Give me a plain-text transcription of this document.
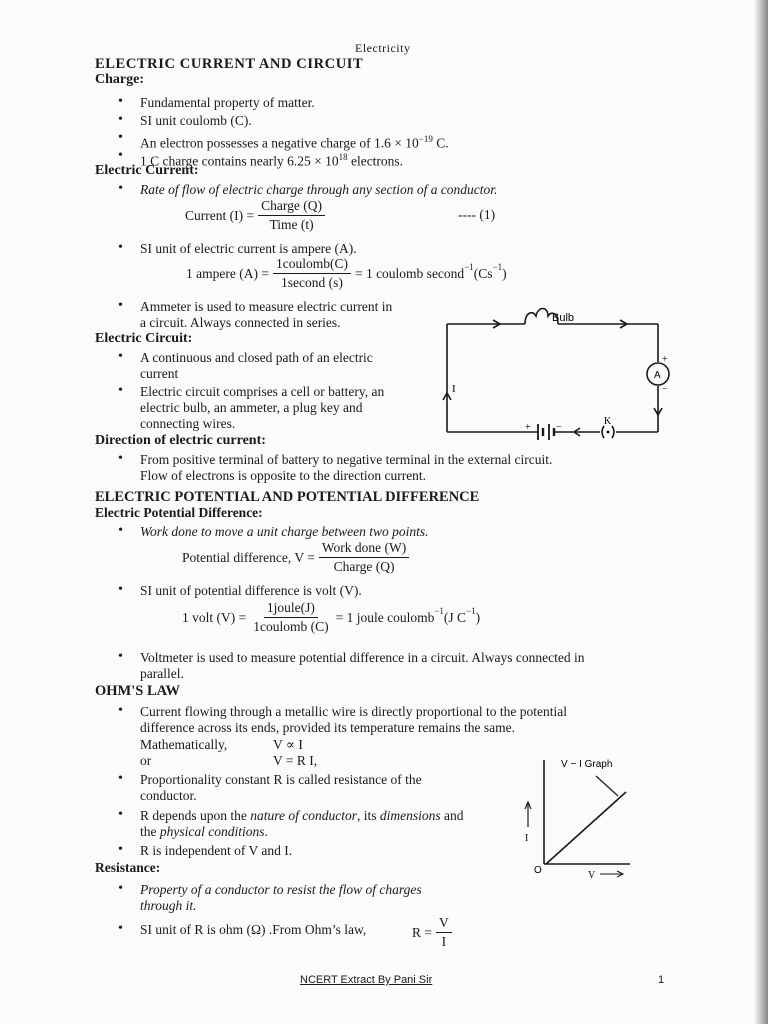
Electricity
ELECTRIC CURRENT AND CIRCUIT
Charge:
• Fundamental property of matter.
• SI unit coulomb (C).
• An electron possesses a negative charge of $1.6 \times 10^{-19}$ C.
• 1 C charge contains nearly $6.25 \times 10^{18}$ electrons.
Electric Current:
• Rate of flow of electric charge through any section of a conductor.
Current $(I) = \frac{\text{Charge (Q)}}{\text{Time (t)}}$	---- (1)
• SI unit of electric current is ampere (A).
1 ampere $(A) = \frac{\text{1coulomb(C)}}{\text{1second (s)}} = 1$ coulomb second$^{-1}$ ($Cs^{-1}$ )
• Ammeter is used to measure electric current in
a circuit. Always connected in series.
Electric Circuit:
• A continuous and closed path of an electric
current
• Electric circuit comprises a cell or battery, an
electric bulb, an ammeter, a plug key and
connecting wires.
Direction of electric current:
• From positive terminal of battery to negative terminal in the external circuit.
Flow of electrons is opposite to the direction current.
Bulb
A
+
−
I
+	−
K
ELECTRIC POTENTIAL AND POTENTIAL DIFFERENCE
Electric Potential Difference:
• Work done to move a unit charge between two points.
Potential difference, $V = \frac{\text{Work done (W)}}{\text{Charge (Q)}}$
• SI unit of potential difference is volt (V).
1 volt $(V) = \frac{\text{1joule(J)}}{\text{1coulomb (C)}} = 1$ joule coulomb$^{-1}$ (J $C^{-1}$ )
• Voltmeter is used to measure potential difference in a circuit. Always connected in
parallel.
OHM'S LAW
• Current flowing through a metallic wire is directly proportional to the potential
difference across its ends, provided its temperature remains the same.
Mathematically,	V ∝ I
or	V = R I,
• Proportionality constant R is called resistance of the
conductor.
• R depends upon the nature of conductor, its dimensions and
the physical conditions.
• R is independent of V and I.
Resistance:
• Property of a conductor to resist the flow of charges
through it.
• SI unit of R is ohm (Ω) .From Ohm’s law,	$R = \frac{V}{I}$
V − I Graph
I
O	V
NCERT Extract By Pani Sir	1
